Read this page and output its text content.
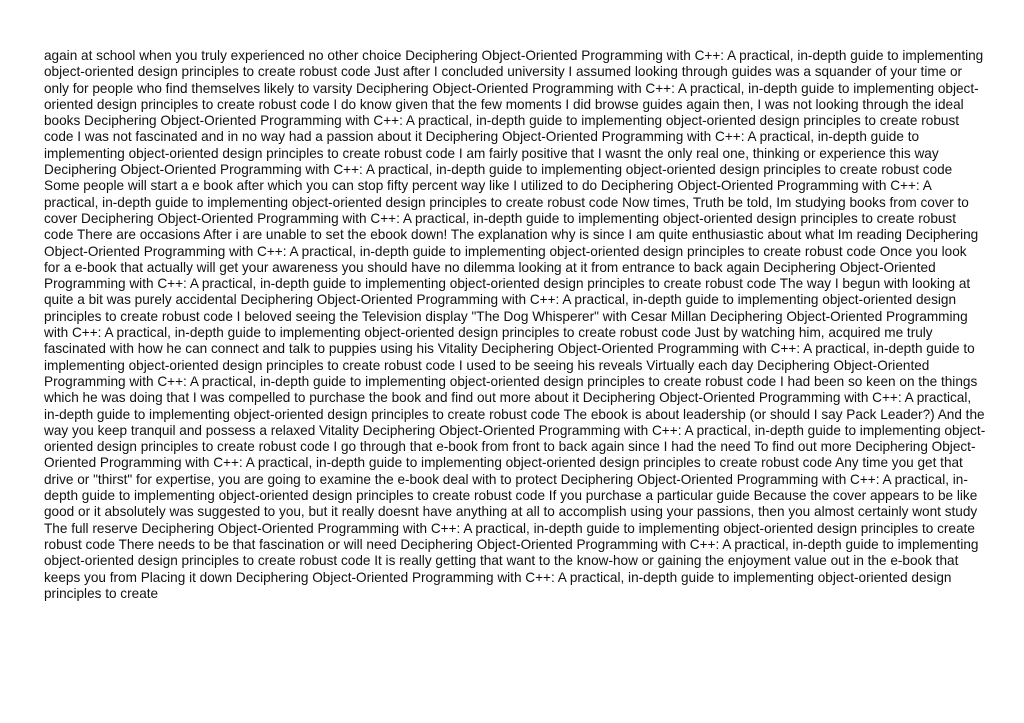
again at school when you truly experienced no other choice Deciphering Object-Oriented Programming with C++: A practical, in-depth guide to implementing object-oriented design principles to create robust code Just after I concluded university I assumed looking through guides was a squander of your time or only for people who find themselves likely to varsity Deciphering Object-Oriented Programming with C++: A practical, in-depth guide to implementing object-oriented design principles to create robust code I do know given that the few moments I did browse guides again then, I was not looking through the ideal books Deciphering Object-Oriented Programming with C++: A practical, in-depth guide to implementing object-oriented design principles to create robust code I was not fascinated and in no way had a passion about it Deciphering Object-Oriented Programming with C++: A practical, in-depth guide to implementing object-oriented design principles to create robust code I am fairly positive that I wasnt the only real one, thinking or experience this way Deciphering Object-Oriented Programming with C++: A practical, in-depth guide to implementing object-oriented design principles to create robust code Some people will start a e book after which you can stop fifty percent way like I utilized to do Deciphering Object-Oriented Programming with C++: A practical, in-depth guide to implementing object-oriented design principles to create robust code Now times, Truth be told, Im studying books from cover to cover Deciphering Object-Oriented Programming with C++: A practical, in-depth guide to implementing object-oriented design principles to create robust code There are occasions After i are unable to set the ebook down! The explanation why is since I am quite enthusiastic about what Im reading Deciphering Object-Oriented Programming with C++: A practical, in-depth guide to implementing object-oriented design principles to create robust code Once you look for a e-book that actually will get your awareness you should have no dilemma looking at it from entrance to back again Deciphering Object-Oriented Programming with C++: A practical, in-depth guide to implementing object-oriented design principles to create robust code The way I begun with looking at quite a bit was purely accidental Deciphering Object-Oriented Programming with C++: A practical, in-depth guide to implementing object-oriented design principles to create robust code I beloved seeing the Television display "The Dog Whisperer" with Cesar Millan Deciphering Object-Oriented Programming with C++: A practical, in-depth guide to implementing object-oriented design principles to create robust code Just by watching him, acquired me truly fascinated with how he can connect and talk to puppies using his Vitality Deciphering Object-Oriented Programming with C++: A practical, in-depth guide to implementing object-oriented design principles to create robust code I used to be seeing his reveals Virtually each day Deciphering Object-Oriented Programming with C++: A practical, in-depth guide to implementing object-oriented design principles to create robust code I had been so keen on the things which he was doing that I was compelled to purchase the book and find out more about it Deciphering Object-Oriented Programming with C++: A practical, in-depth guide to implementing object-oriented design principles to create robust code The ebook is about leadership (or should I say Pack Leader?) And the way you keep tranquil and possess a relaxed Vitality Deciphering Object-Oriented Programming with C++: A practical, in-depth guide to implementing object-oriented design principles to create robust code I go through that e-book from front to back again since I had the need To find out more Deciphering Object-Oriented Programming with C++: A practical, in-depth guide to implementing object-oriented design principles to create robust code Any time you get that drive or "thirst" for expertise, you are going to examine the e-book deal with to protect Deciphering Object-Oriented Programming with C++: A practical, in-depth guide to implementing object-oriented design principles to create robust code If you purchase a particular guide Because the cover appears to be like good or it absolutely was suggested to you, but it really doesnt have anything at all to accomplish using your passions, then you almost certainly wont study The full reserve Deciphering Object-Oriented Programming with C++: A practical, in-depth guide to implementing object-oriented design principles to create robust code There needs to be that fascination or will need Deciphering Object-Oriented Programming with C++: A practical, in-depth guide to implementing object-oriented design principles to create robust code It is really getting that want to the know-how or gaining the enjoyment value out in the e-book that keeps you from Placing it down Deciphering Object-Oriented Programming with C++: A practical, in-depth guide to implementing object-oriented design principles to create
